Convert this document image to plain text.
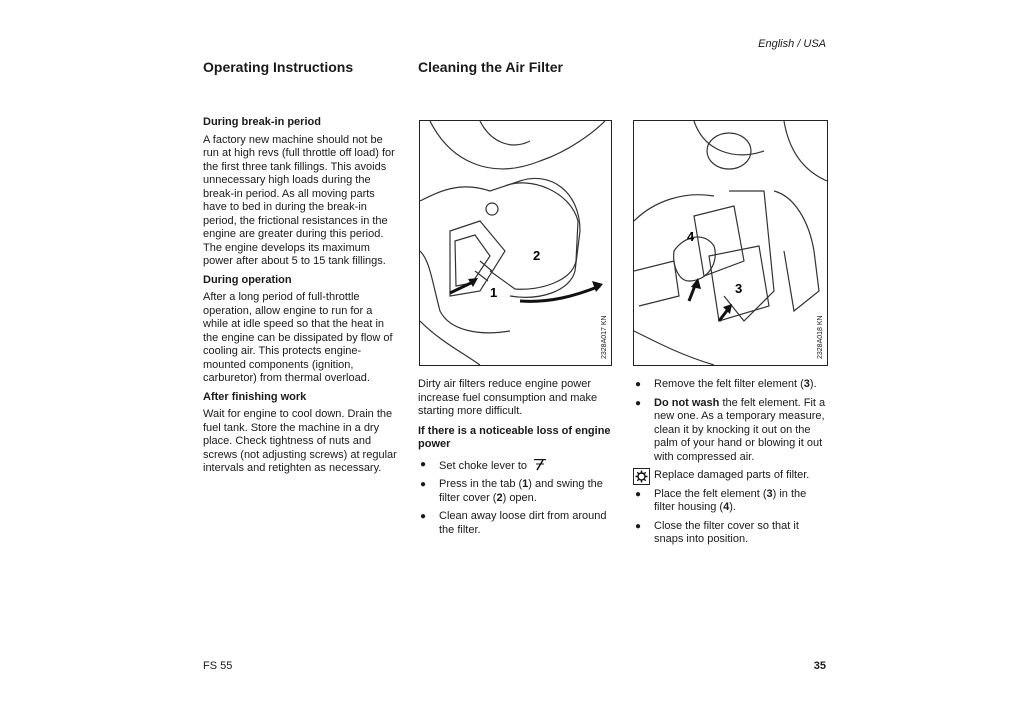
English / USA
Operating Instructions	Cleaning the Air Filter
During break-in period

A factory new machine should not be run at high revs (full throttle off load) for the first three tank fillings. This avoids unnecessary high loads during the break-in period. As all moving parts have to bed in during the break-in period, the frictional resistances in the engine are greater during this period. The engine develops its maximum power after about 5 to 15 tank fillings.

During operation

After a long period of full-throttle operation, allow engine to run for a while at idle speed so that the heat in the engine can be dissipated by flow of cooling air. This protects engine-mounted components (ignition, carburetor) from thermal overload.

After finishing work

Wait for engine to cool down. Drain the fuel tank. Store the machine in a dry place. Check tightness of nuts and screws (not adjusting screws) at regular intervals and retighten as necessary.

1
2
2328A017 KN
4
3
2328A018 KN

Dirty air filters reduce engine power increase fuel consumption and make starting more difficult.

If there is a noticeable loss of engine power
● Set choke lever to
● Press in the tab (1) and swing the filter cover (2) open.
● Clean away loose dirt from around the filter.
● Remove the felt filter element (3).
● Do not wash the felt element. Fit a new one. As a temporary measure, clean it by knocking it out on the palm of your hand or blowing it out with compressed air.
Replace damaged parts of filter.
● Place the felt element (3) in the filter housing (4).
● Close the filter cover so that it snaps into position.
FS 55	35
